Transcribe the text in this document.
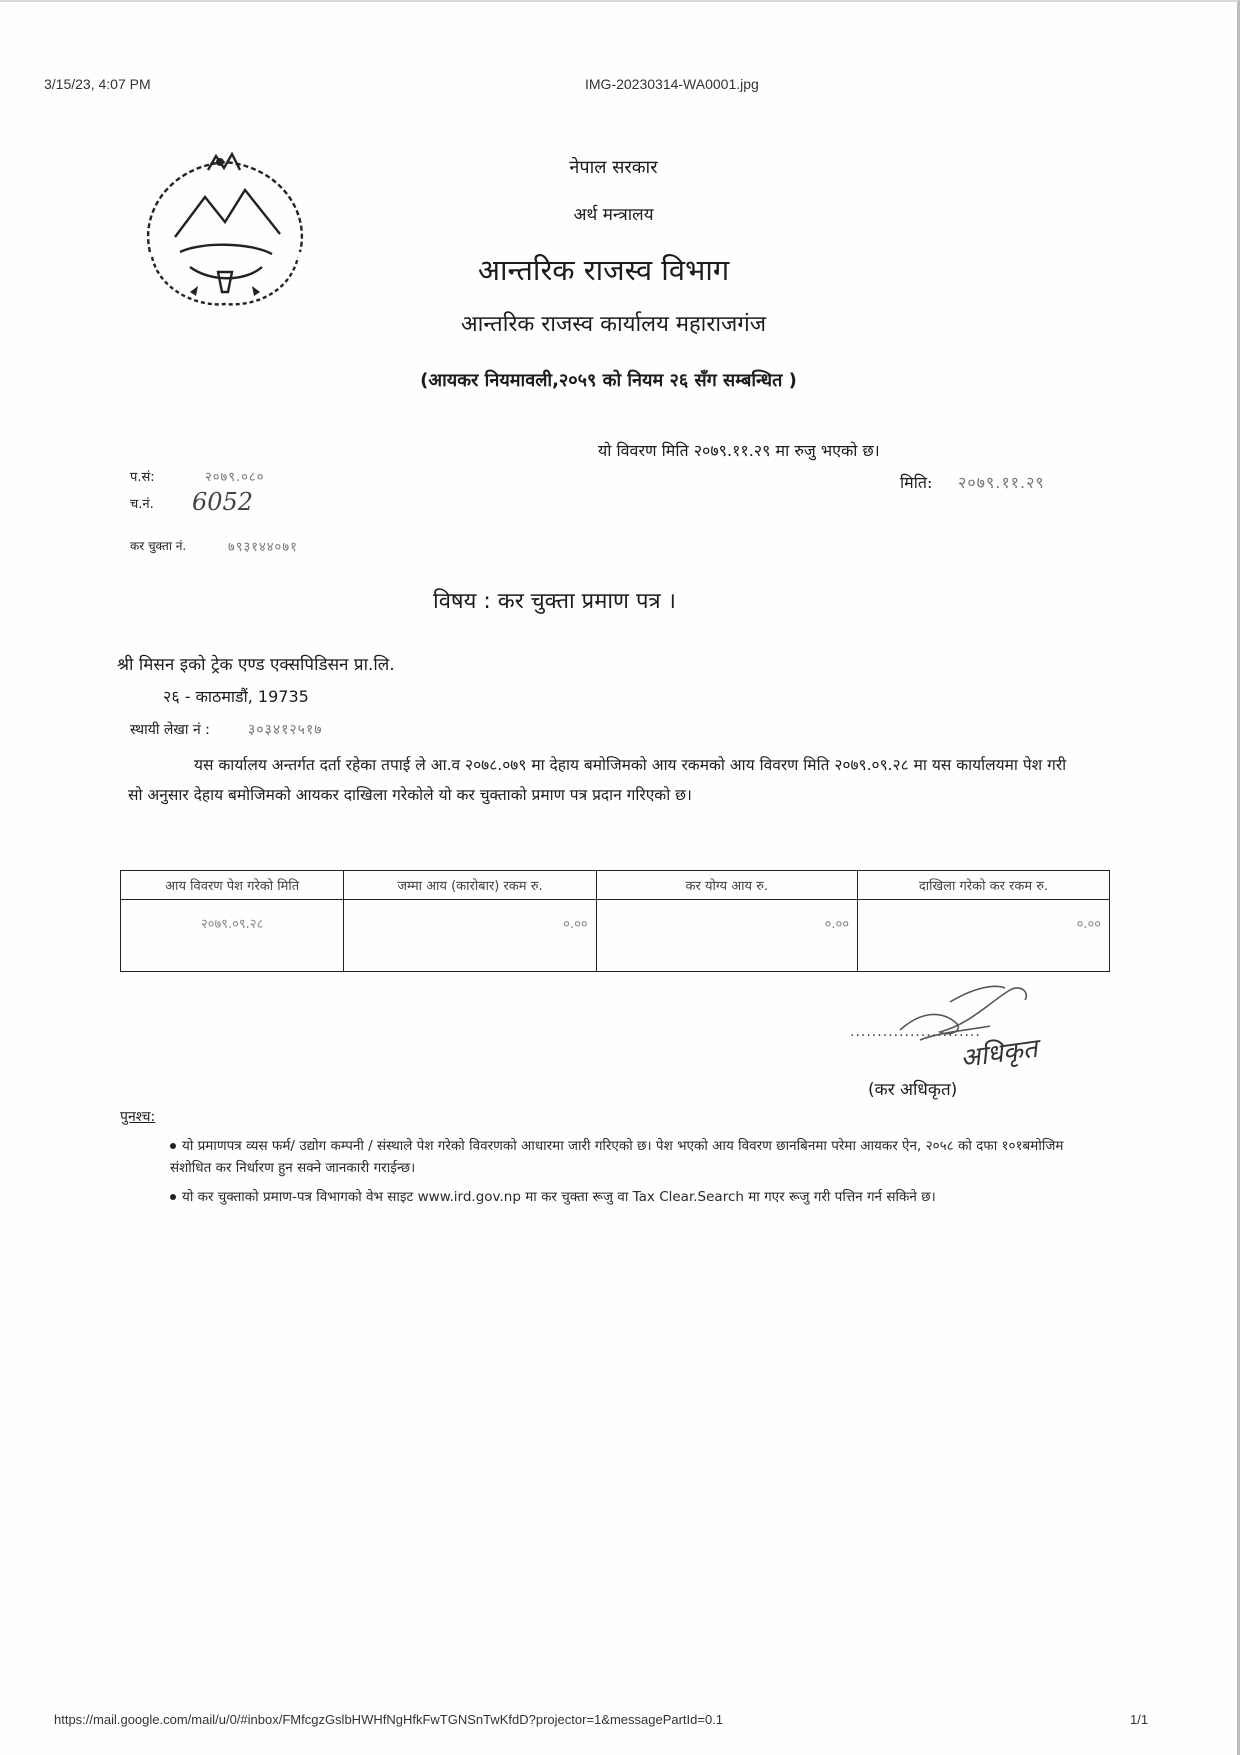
3/15/23, 4:07 PM	IMG-20230314-WA0001.jpg
नेपाल सरकार
अर्थ मन्त्रालय
आन्तरिक राजस्व विभाग
आन्तरिक राजस्व कार्यालय महाराजगंज
(आयकर नियमावली,२०५९ को नियम २६ सँग सम्बन्धित )
यो विवरण मिति २०७९.११.२९ मा रुजु भएको छ।
प.सं:	२०७९.०८०
च.नं. 6052
कर चुक्ता नं.	७९३१४४०७१
मिति: २०७९.११.२९
विषय : कर चुक्ता प्रमाण पत्र ।
श्री मिसन इको ट्रेक एण्ड एक्सपिडिसन प्रा.लि.
२६ - काठमाडौं, 19735
स्थायी लेखा नं :	३०३४१२५१७
यस कार्यालय अन्तर्गत दर्ता रहेका तपाई ले आ.व २०७८.०७९ मा देहाय बमोजिमको आय रकमको आय विवरण मिति २०७९.०९.२८ मा यस कार्यालयमा पेश गरी सो अनुसार देहाय बमोजिमको आयकर दाखिला गरेकोले यो कर चुक्ताको प्रमाण पत्र प्रदान गरिएको छ।
आय विवरण पेश गरेको मिति	जम्मा आय (कारोबार) रकम रु.	कर योग्य आय रु.	दाखिला गरेको कर रकम रु.
२०७९.०९.२८	०.००	०.००	०.००
........................
अधिकृत
(कर अधिकृत)
पुनश्च:
यो प्रमाणपत्र व्यस फर्म/ उद्योग कम्पनी / संस्थाले पेश गरेको विवरणको आधारमा जारी गरिएको छ। पेश भएको आय विवरण छानबिनमा परेमा आयकर ऐन, २०५८ को दफा १०१बमोजिम संशोधित कर निर्धारण हुन सक्ने जानकारी गराईन्छ।
यो कर चुक्ताको प्रमाण-पत्र विभागको वेभ साइट www.ird.gov.np मा कर चुक्ता रूजु वा Tax Clear.Search मा गएर रूजु गरी पत्तिन गर्न सकिने छ।
https://mail.google.com/mail/u/0/#inbox/FMfcgzGslbHWHfNgHfkFwTGNSnTwKfdD?projector=1&messagePartId=0.1	1/1
